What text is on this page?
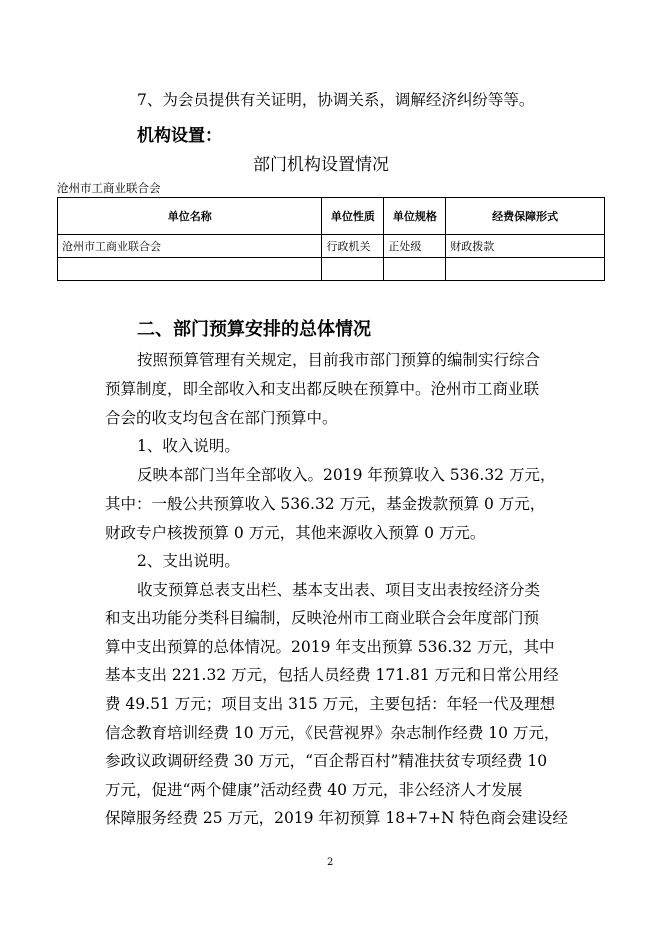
7、为会员提供有关证明，协调关系，调解经济纠纷等等。
机构设置：
部门机构设置情况
沧州市工商业联合会
单位名称	单位性质	单位规格	经费保障形式
沧州市工商业联合会	行政机关	正处级	财政拨款

二、部门预算安排的总体情况
按照预算管理有关规定，目前我市部门预算的编制实行综合
预算制度，即全部收入和支出都反映在预算中。沧州市工商业联
合会的收支均包含在部门预算中。
1、收入说明。
反映本部门当年全部收入。2019 年预算收入 536.32 万元，
其中：一般公共预算收入 536.32 万元，基金拨款预算 0 万元，
财政专户核拨预算 0 万元，其他来源收入预算 0 万元。
2、支出说明。
收支预算总表支出栏、基本支出表、项目支出表按经济分类
和支出功能分类科目编制，反映沧州市工商业联合会年度部门预
算中支出预算的总体情况。2019 年支出预算 536.32 万元，其中
基本支出 221.32 万元，包括人员经费 171.81 万元和日常公用经
费 49.51 万元；项目支出 315 万元，主要包括：年轻一代及理想
信念教育培训经费 10 万元，《民营视界》杂志制作经费 10 万元，
参政议政调研经费 30 万元，“百企帮百村”精准扶贫专项经费 10
万元，促进“两个健康”活动经费 40 万元，非公经济人才发展
保障服务经费 25 万元，2019 年初预算 18+7+N 特色商会建设经
2
